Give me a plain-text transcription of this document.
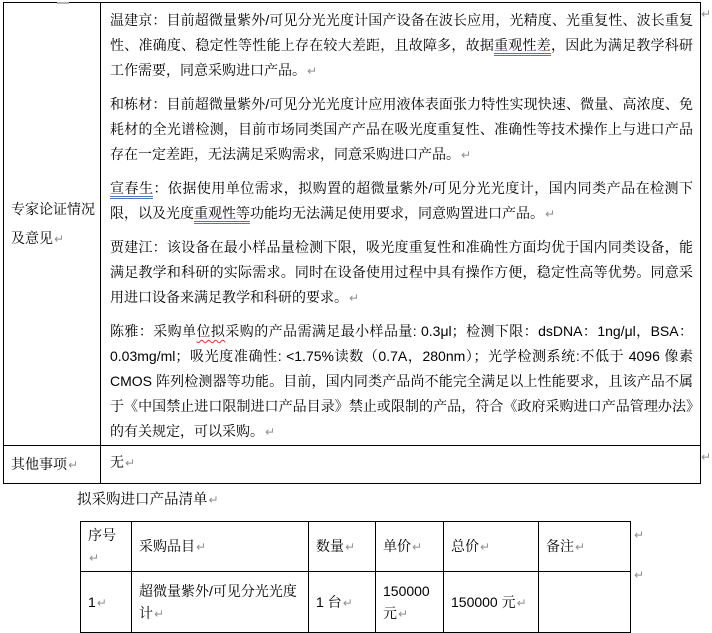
专家论证情况及意见↵	温建京：目前超微量紫外/可见分光光度计国产设备在波长应用，光精度、光重复性、波长重复性、准确度、稳定性等性能上存在较大差距，且故障多，故据重观性差，因此为满足教学科研工作需要，同意采购进口产品。↵

和栋材：目前超微量紫外/可见分光光度计应用液体表面张力特性实现快速、微量、高浓度、免耗材的全光谱检测，目前市场同类国产产品在吸光度重复性、准确性等技术操作上与进口产品存在一定差距，无法满足采购需求，同意采购进口产品。↵

宣春生：依据使用单位需求，拟购置的超微量紫外/可见分光光度计，国内同类产品在检测下限，以及光度重观性等功能均无法满足使用要求，同意购置进口产品。↵

贾建江：该设备在最小样品量检测下限，吸光度重复性和准确性方面均优于国内同类设备，能满足教学和科研的实际需求。同时在设备使用过程中具有操作方便，稳定性高等优势。同意采用进口设备来满足教学和科研的要求。↵

陈雅：采购单位拟采购的产品需满足最小样品量: 0.3μl；检测下限：dsDNA：1ng/μl，BSA：0.03mg/ml；吸光度准确性: <1.75%读数（0.7A，280nm）；光学检测系统:不低于 4096 像素 CMOS 阵列检测器等功能。目前，国内同类产品尚不能完全满足以上性能要求，且该产品不属于《中国禁止进口限制进口产品目录》禁止或限制的产品，符合《政府采购进口产品管理办法》的有关规定，可以采购。↵

其他事项↵	无↵
拟采购进口产品清单↵
序号↵	采购品目↵	数量↵	单价↵	总价↵	备注↵
1↵	超微量紫外/可见分光光度计↵	1 台↵	150000 元↵	150000 元↵	
↵
↵
↵
↵
